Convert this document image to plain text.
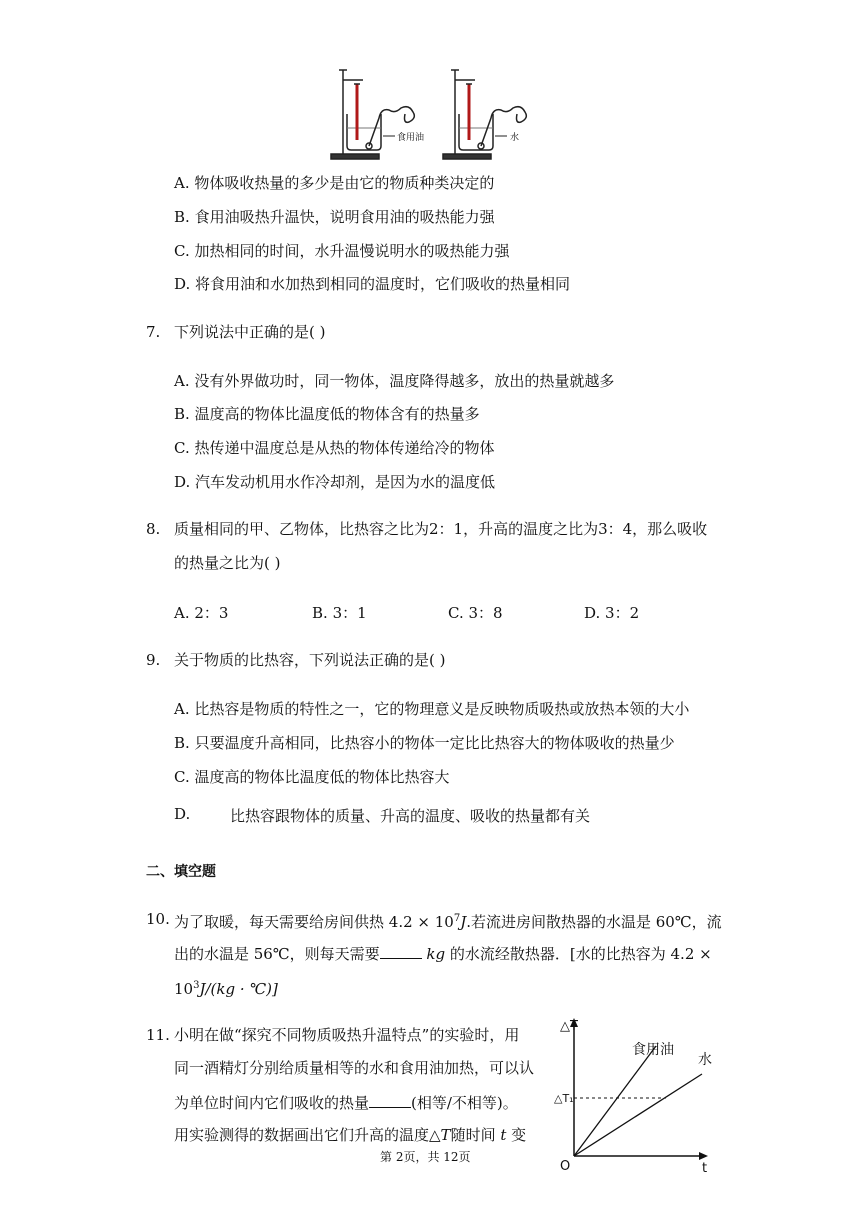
食用油	水
A. 物体吸收热量的多少是由它的物质种类决定的
B. 食用油吸热升温快，说明食用油的吸热能力强
C. 加热相同的时间，水升温慢说明水的吸热能力强
D. 将食用油和水加热到相同的温度时，它们吸收的热量相同
7. 下列说法中正确的是( )
A. 没有外界做功时，同一物体，温度降得越多，放出的热量就越多
B. 温度高的物体比温度低的物体含有的热量多
C. 热传递中温度总是从热的物体传递给冷的物体
D. 汽车发动机用水作冷却剂，是因为水的温度低
8. 质量相同的甲、乙物体，比热容之比为2：1，升高的温度之比为3：4，那么吸收
的热量之比为( )
A. 2：3	B. 3：1	C. 3：8	D. 3：2
9. 关于物质的比热容，下列说法正确的是( )
A. 比热容是物质的特性之一，它的物理意义是反映物质吸热或放热本领的大小
B. 只要温度升高相同，比热容小的物体一定比比热容大的物体吸收的热量少
C. 温度高的物体比温度低的物体比热容大
D.	比热容跟物体的质量、升高的温度、吸收的热量都有关
二、填空题
10. 为了取暖，每天需要给房间供热 $4.2 \times 10^7J$.若流进房间散热器的水温是 60℃，流
出的水温是 56℃，则每天需要	kg 的水流经散热器．[水的比热容为 4.2 ×
$10^3J/(kg$ · ℃)]
11. 小明在做“探究不同物质吸热升温特点”的实验时，用
同一酒精灯分别给质量相等的水和食用油加热，可以认
为单位时间内它们吸收的热量	(相等/不相等)。
用实验测得的数据画出它们升高的温度△T随时间 t 变
△T
△T₁
食用油
水
O	t
第 2页，共 12页
